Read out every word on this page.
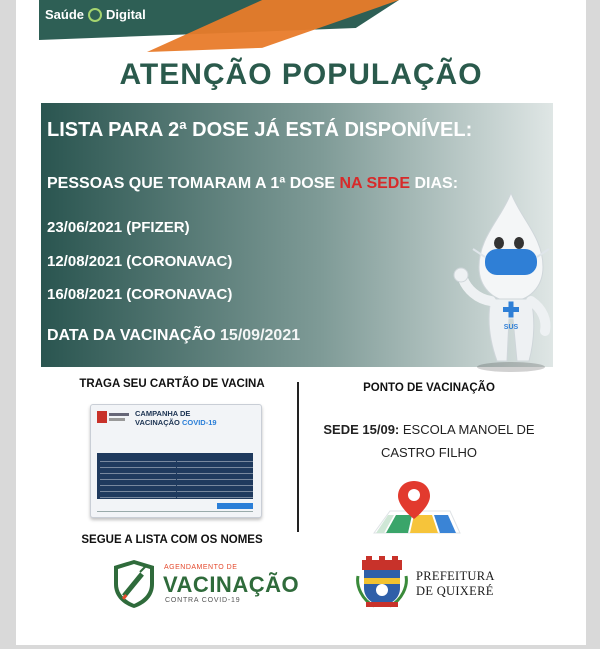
Saúde Digital
ATENÇÃO POPULAÇÃO
LISTA PARA 2ª DOSE JÁ ESTÁ DISPONÍVEL:
PESSOAS QUE TOMARAM A 1ª DOSE NA SEDE DIAS:
23/06/2021 (PFIZER)
12/08/2021 (CORONAVAC)
16/08/2021 (CORONAVAC)
DATA DA VACINAÇÃO 15/09/2021	SUS
TRAGA SEU CARTÃO DE VACINA
CAMPANHA DE
VACINAÇÃO COVID-19
PONTO DE VACINAÇÃO
SEDE 15/09: ESCOLA MANOEL DE
CASTRO FILHO
SEGUE A LISTA COM OS NOMES
AGENDAMENTO DE
VACINAÇÃO
CONTRA COVID-19
PREFEITURA
DE QUIXERÉ
